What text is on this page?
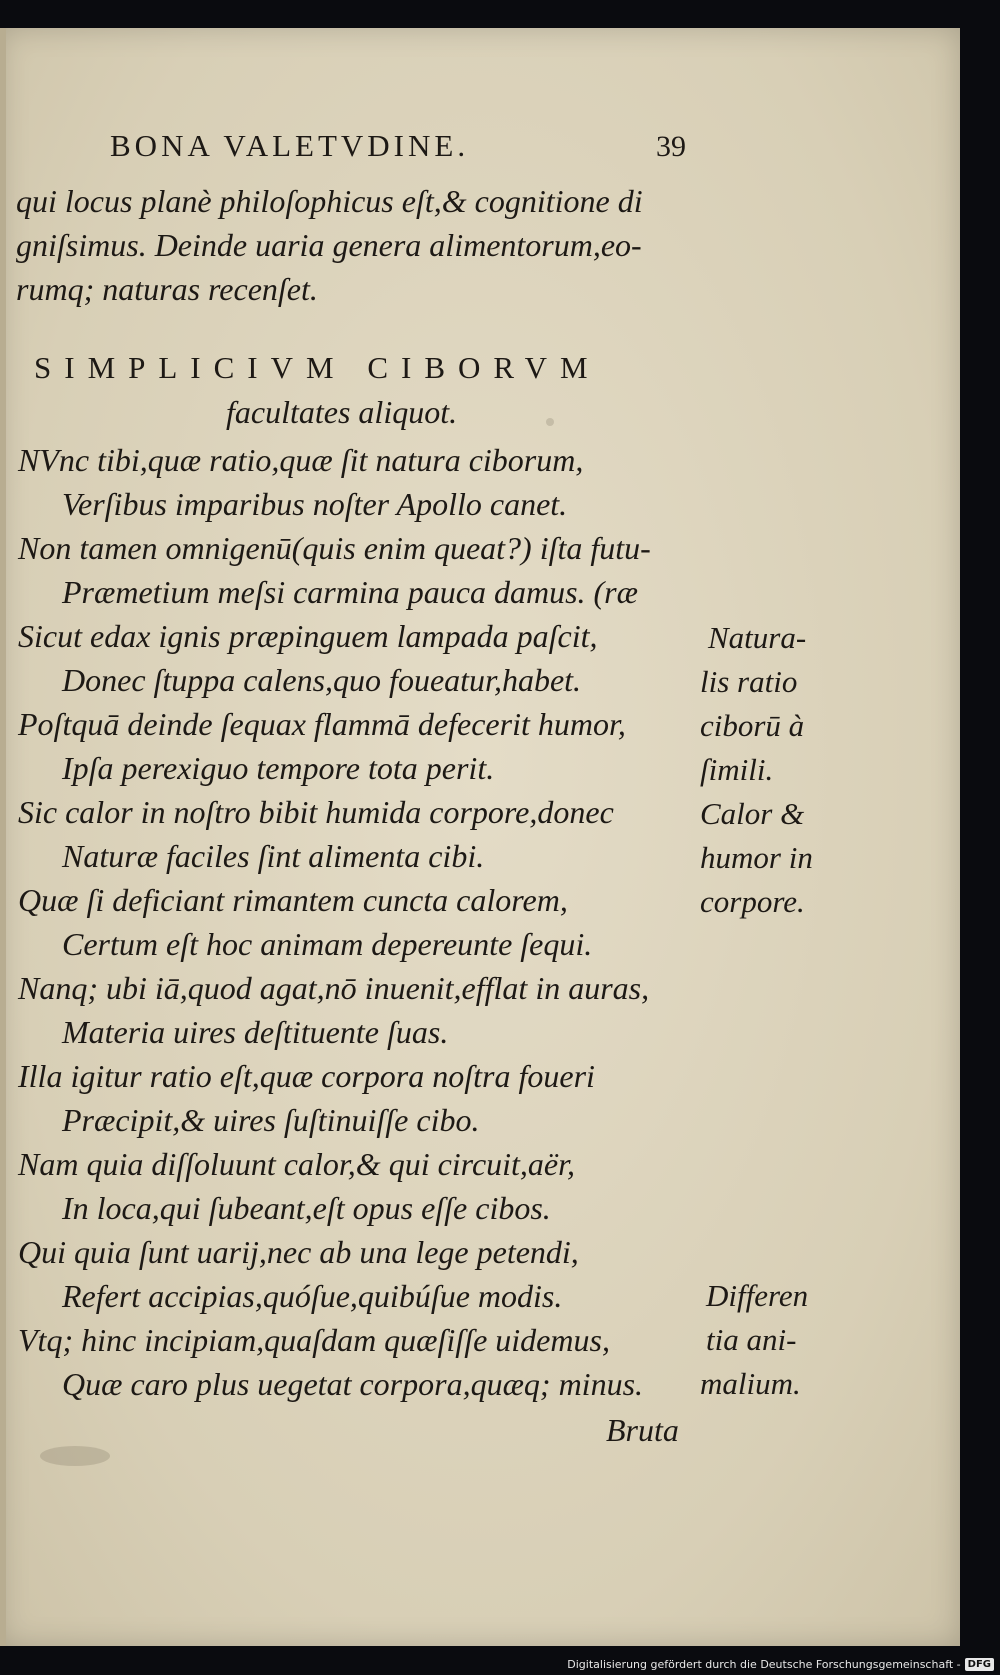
BONA VALETVDINE.	39
qui locus planè philoſophicus eſt,& cognitione di
gniſsimus. Deinde uaria genera alimentorum,eo-
rumq; naturas recenſet.
SIMPLICIVM CIBORVM
facultates aliquot.
NVnc tibi,quæ ratio,quæ ſit natura ciborum,
Verſibus imparibus noſter Apollo canet.
Non tamen omnigenū(quis enim queat?) iſta futu-
Præmetium meſsi carmina pauca damus. (ræ
Sicut edax ignis præpinguem lampada paſcit,
Donec ſtuppa calens,quo foueatur,habet.
Poſtquā deinde ſequax flammā defecerit humor,
Ipſa perexiguo tempore tota perit.
Sic calor in noſtro bibit humida corpore,donec
Naturæ faciles ſint alimenta cibi.
Quæ ſi deficiant rimantem cuncta calorem,
Certum eſt hoc animam depereunte ſequi.
Nanq; ubi iā,quod agat,nō inuenit,efflat in auras,
Materia uires deſtituente ſuas.
Illa igitur ratio eſt,quæ corpora noſtra foueri
Præcipit,& uires ſuſtinuiſſe cibo.
Nam quia diſſoluunt calor,& qui circuit,aër,
In loca,qui ſubeant,eſt opus eſſe cibos.
Qui quia ſunt uarij,nec ab una lege petendi,
Refert accipias,quóſue,quibúſue modis.
Vtq; hinc incipiam,quaſdam quæſiſſe uidemus,
Quæ caro plus uegetat corpora,quæq; minus.
Bruta
Natura-
lis ratio
ciborū à
ſimili.
Calor &
humor in
corpore.
Differen
tia ani-
malium.
Digitalisierung gefördert durch die Deutsche Forschungsgemeinschaft - DFG
